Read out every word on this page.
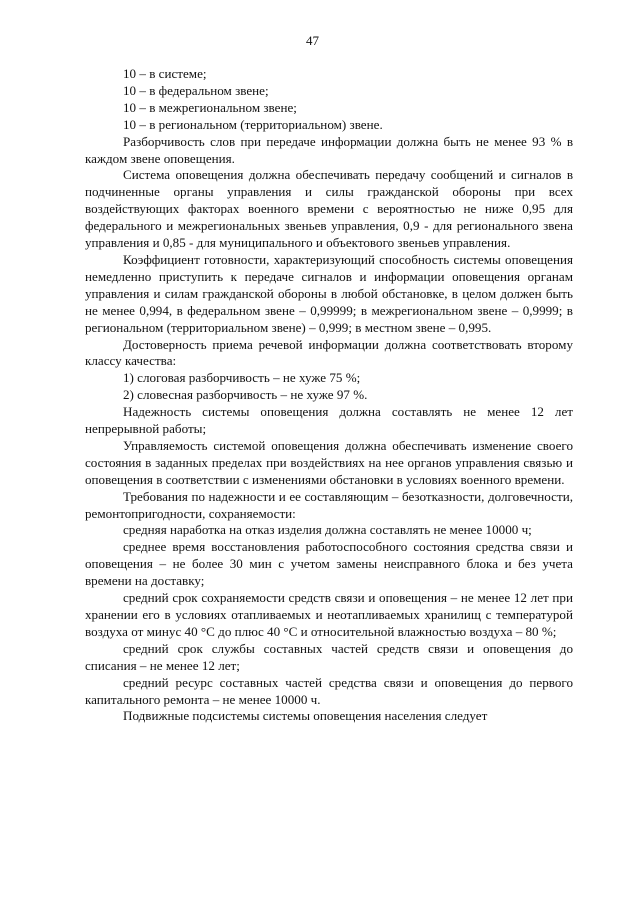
47

10 – в системе;

10 – в федеральном звене;

10 – в межрегиональном звене;

10 – в региональном (территориальном) звене.

Разборчивость слов при передаче информации должна быть не менее 93 % в каждом звене оповещения.

Система оповещения должна обеспечивать передачу сообщений и сигналов в подчиненные органы управления и силы гражданской обороны при всех воздействующих факторах военного времени с вероятностью не ниже 0,95 для федерального и межрегиональных звеньев управления, 0,9 - для регионального звена управления и 0,85 - для муниципального и объектового звеньев управления.

Коэффициент готовности, характеризующий способность системы оповещения немедленно приступить к передаче сигналов и информации оповещения органам управления и силам гражданской обороны в любой обстановке, в целом должен быть не менее 0,994, в федеральном звене – 0,99999; в межрегиональном звене – 0,9999; в региональном (территориальном звене) – 0,999; в местном звене – 0,995.

Достоверность приема речевой информации должна соответствовать второму классу качества:

1) слоговая разборчивость – не хуже 75 %;

2) словесная разборчивость – не хуже 97 %.

Надежность системы оповещения должна составлять не менее 12 лет непрерывной работы;

Управляемость системой оповещения должна обеспечивать изменение своего состояния в заданных пределах при воздействиях на нее органов управления связью и оповещения в соответствии с изменениями обстановки в условиях военного времени.

Требования по надежности и ее составляющим – безотказности, долговечности, ремонтопригодности, сохраняемости:

средняя наработка на отказ изделия должна составлять не менее 10000 ч;

среднее время восстановления работоспособного состояния средства связи и оповещения – не более 30 мин с учетом замены неисправного блока и без учета времени на доставку;

средний срок сохраняемости средств связи и оповещения – не менее 12 лет при хранении его в условиях отапливаемых и неотапливаемых хранилищ с температурой воздуха от минус 40 °C до плюс 40 °C и относительной влажностью воздуха – 80 %;

средний срок службы составных частей средств связи и оповещения до списания – не менее 12 лет;

средний ресурс составных частей средства связи и оповещения до первого капитального ремонта – не менее 10000 ч.

Подвижные подсистемы системы оповещения населения следует
